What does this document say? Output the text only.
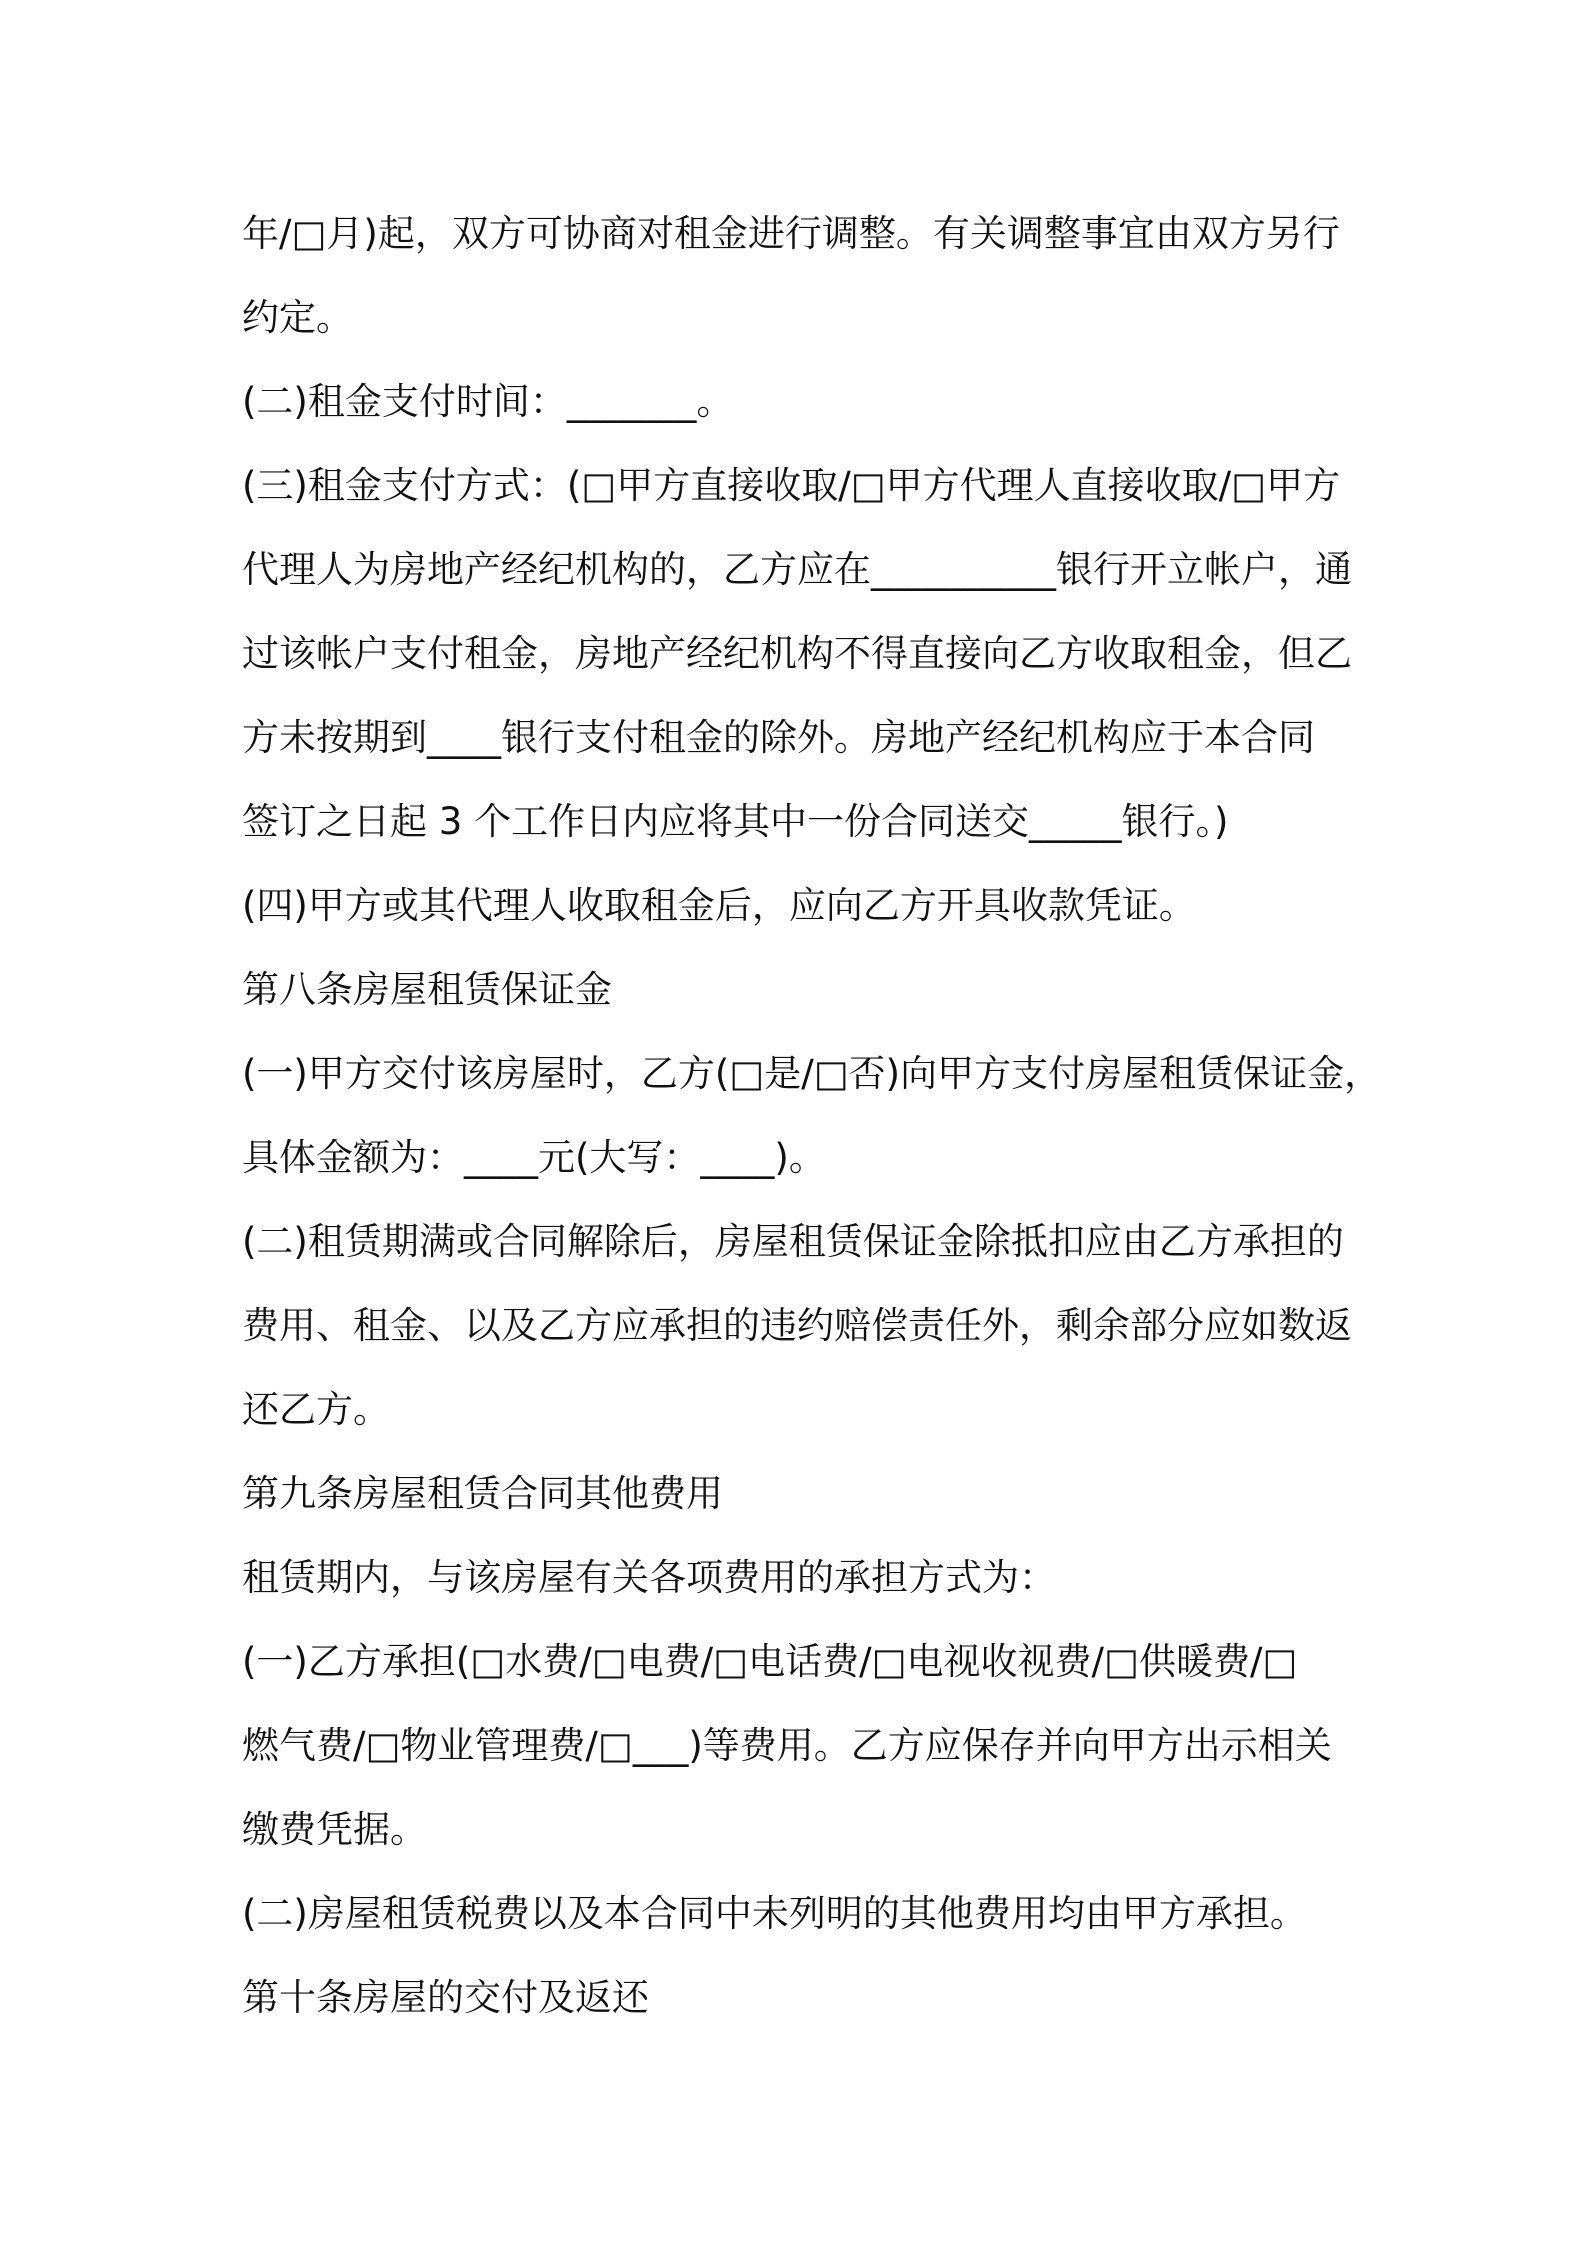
年/□月)起，双方可协商对租金进行调整。有关调整事宜由双方另行
约定。
(二)租金支付时间：_______。
(三)租金支付方式：(□甲方直接收取/□甲方代理人直接收取/□甲方
代理人为房地产经纪机构的，乙方应在__________银行开立帐户，通
过该帐户支付租金，房地产经纪机构不得直接向乙方收取租金，但乙
方未按期到____银行支付租金的除外。房地产经纪机构应于本合同
签订之日起 3 个工作日内应将其中一份合同送交_____银行。)
(四)甲方或其代理人收取租金后，应向乙方开具收款凭证。
第八条房屋租赁保证金
(一)甲方交付该房屋时，乙方(□是/□否)向甲方支付房屋租赁保证金，
具体金额为：____元(大写：____)。
(二)租赁期满或合同解除后，房屋租赁保证金除抵扣应由乙方承担的
费用、租金、以及乙方应承担的违约赔偿责任外，剩余部分应如数返
还乙方。
第九条房屋租赁合同其他费用
租赁期内，与该房屋有关各项费用的承担方式为：
(一)乙方承担(□水费/□电费/□电话费/□电视收视费/□供暖费/□
燃气费/□物业管理费/□___)等费用。乙方应保存并向甲方出示相关
缴费凭据。
(二)房屋租赁税费以及本合同中未列明的其他费用均由甲方承担。
第十条房屋的交付及返还
